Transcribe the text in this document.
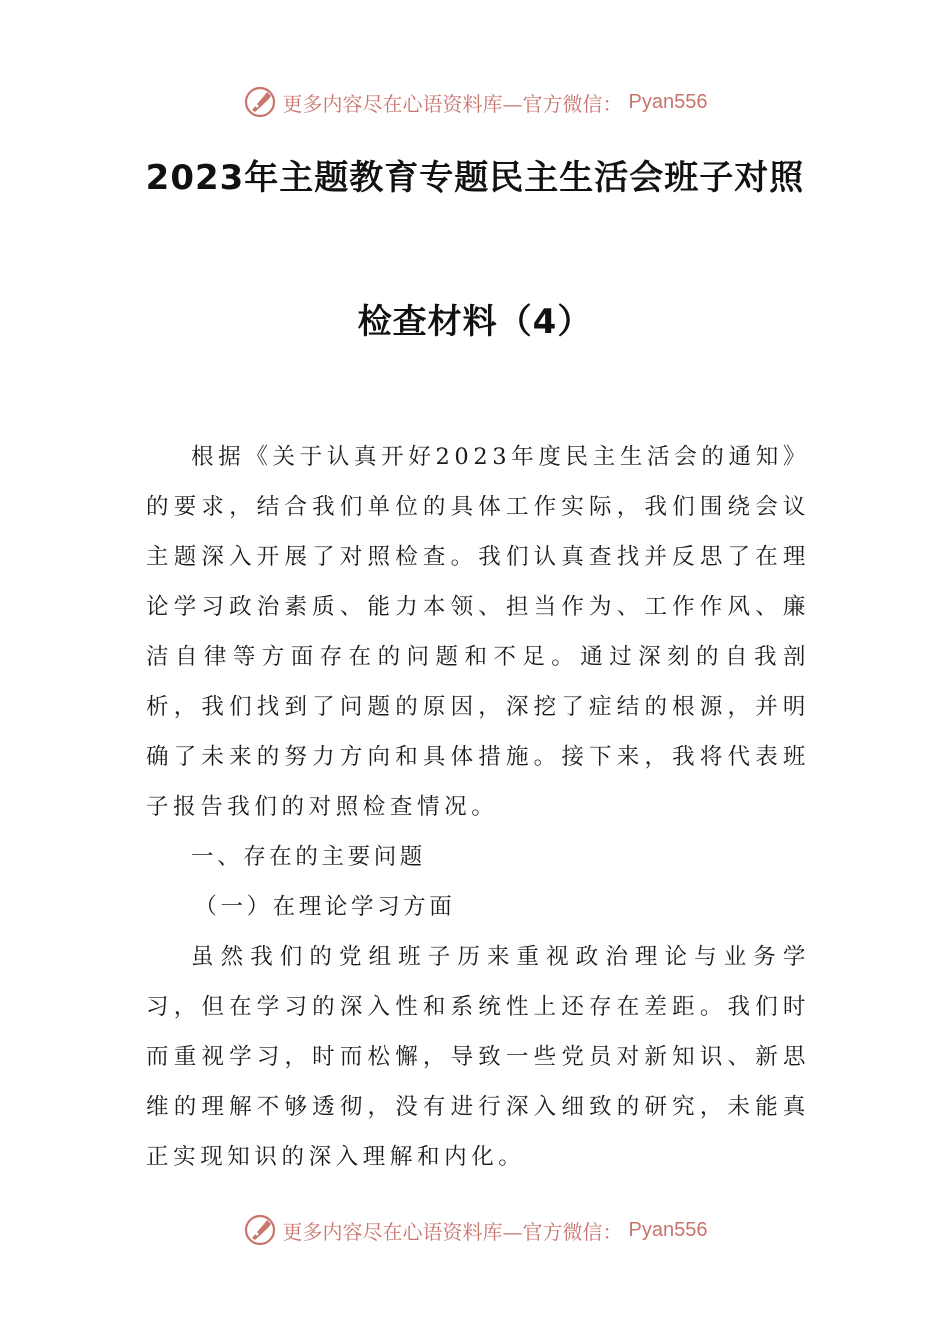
更多内容尽在心语资料库—官方微信： Pyan556
2023年主题教育专题民主生活会班子对照
检查材料（4）

根据《关于认真开好2023年度民主生活会的通知》的要求，结合我们单位的具体工作实际，我们围绕会议主题深入开展了对照检查。我们认真查找并反思了在理论学习政治素质、能力本领、担当作为、工作作风、廉洁自律等方面存在的问题和不足。通过深刻的自我剖析，我们找到了问题的原因，深挖了症结的根源，并明确了未来的努力方向和具体措施。接下来，我将代表班子报告我们的对照检查情况。

一、存在的主要问题

（一）在理论学习方面

虽然我们的党组班子历来重视政治理论与业务学习，但在学习的深入性和系统性上还存在差距。我们时而重视学习，时而松懈，导致一些党员对新知识、新思维的理解不够透彻，没有进行深入细致的研究，未能真正实现知识的深入理解和内化。

更多内容尽在心语资料库—官方微信： Pyan556
